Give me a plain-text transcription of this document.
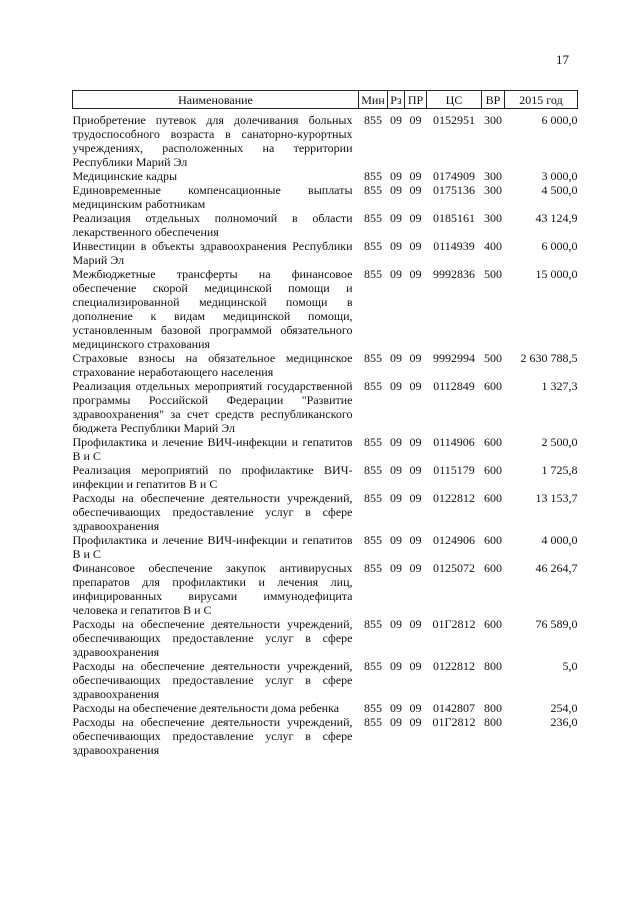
17
Наименование	Мин	Рз	ПР	ЦС	ВР	2015 год
Приобретение путевок для долечивания больных трудоспособного возраста в санаторно-курортных учреждениях, расположенных на территории Республики Марий Эл	855	09	09	0152951	300	6 000,0
Медицинские кадры	855	09	09	0174909	300	3 000,0
Единовременные компенсационные выплаты медицинским работникам	855	09	09	0175136	300	4 500,0
Реализация отдельных полномочий в области лекарственного обеспечения	855	09	09	0185161	300	43 124,9
Инвестиции в объекты здравоохранения Республики Марий Эл	855	09	09	0114939	400	6 000,0
Межбюджетные трансферты на финансовое обеспечение скорой медицинской помощи и специализированной медицинской помощи в дополнение к видам медицинской помощи, установленным базовой программой обязательного медицинского страхования	855	09	09	9992836	500	15 000,0
Страховые взносы на обязательное медицинское страхование неработающего населения	855	09	09	9992994	500	2 630 788,5
Реализация отдельных мероприятий государственной программы Российской Федерации "Развитие здравоохранения" за счет средств республиканского бюджета Республики Марий Эл	855	09	09	0112849	600	1 327,3
Профилактика и лечение ВИЧ-инфекции и гепатитов В и С	855	09	09	0114906	600	2 500,0
Реализация мероприятий по профилактике ВИЧ-инфекции и гепатитов В и С	855	09	09	0115179	600	1 725,8
Расходы на обеспечение деятельности учреждений, обеспечивающих предоставление услуг в сфере здравоохранения	855	09	09	0122812	600	13 153,7
Профилактика и лечение ВИЧ-инфекции и гепатитов В и С	855	09	09	0124906	600	4 000,0
Финансовое обеспечение закупок антивирусных препаратов для профилактики и лечения лиц, инфицированных вирусами иммунодефицита человека и гепатитов В и С	855	09	09	0125072	600	46 264,7
Расходы на обеспечение деятельности учреждений, обеспечивающих предоставление услуг в сфере здравоохранения	855	09	09	01Г2812	600	76 589,0
Расходы на обеспечение деятельности учреждений, обеспечивающих предоставление услуг в сфере здравоохранения	855	09	09	0122812	800	5,0
Расходы на обеспечение деятельности дома ребенка	855	09	09	0142807	800	254,0
Расходы на обеспечение деятельности учреждений, обеспечивающих предоставление услуг в сфере здравоохранения	855	09	09	01Г2812	800	236,0
